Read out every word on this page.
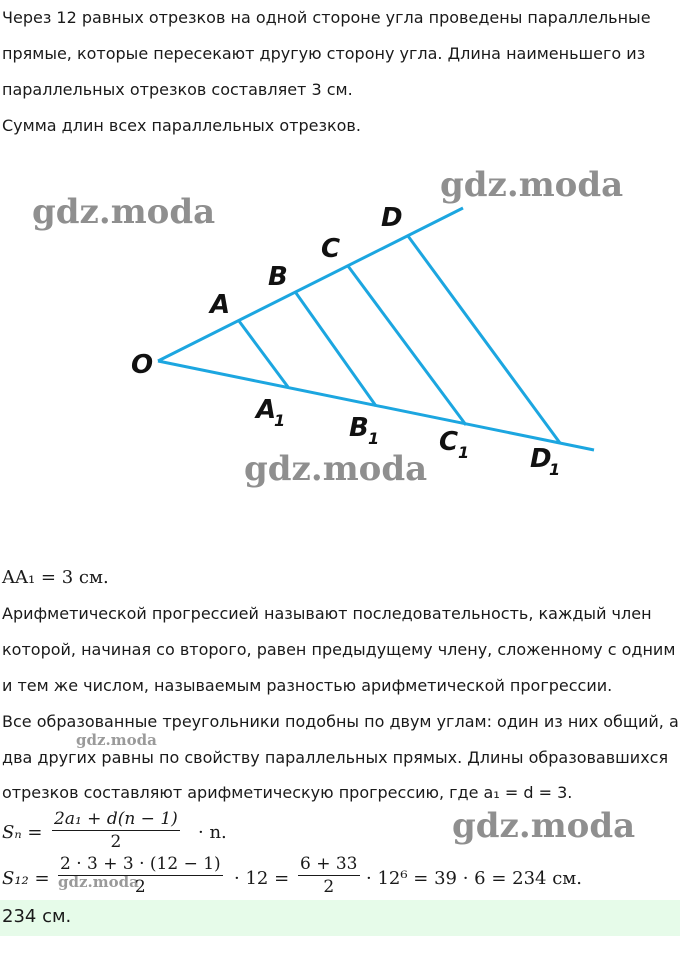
Через 12 равных отрезков на одной стороне угла проведены параллельные
прямые, которые пересекают другую сторону угла. Длина наименьшего из
параллельных отрезков составляет 3 см.
Сумма длин всех параллельных отрезков.
O
A
B
C
D
A
1 B 1 C 1 D
1
gdz.moda
gdz.moda
gdz.moda
gdz.moda
gdz.moda
gdz.moda
AA₁ = 3 см.
Арифметической прогрессией называют последовательность, каждый член
которой, начиная со второго, равен предыдущему члену, сложенному с одним
и тем же числом, называемым разностью арифметической прогрессии.
Все образованные треугольники подобны по двум углам: один из них общий, а
два других равны по свойству параллельных прямых. Длины образовавшихся
отрезков составляют арифметическую прогрессию, где a₁ = d = 3.
$S_n = \frac{\text{2a₁ + d(n − 1)}}{2} \cdot n$.
$S_{12} = \frac{2 \cdot 3 + 3 \cdot (12 - 1)}{2} \cdot 12 = \frac{6 + 33}{2} \cdot 12^6 = 39 \cdot 6 = 234$ см.
234 см.
